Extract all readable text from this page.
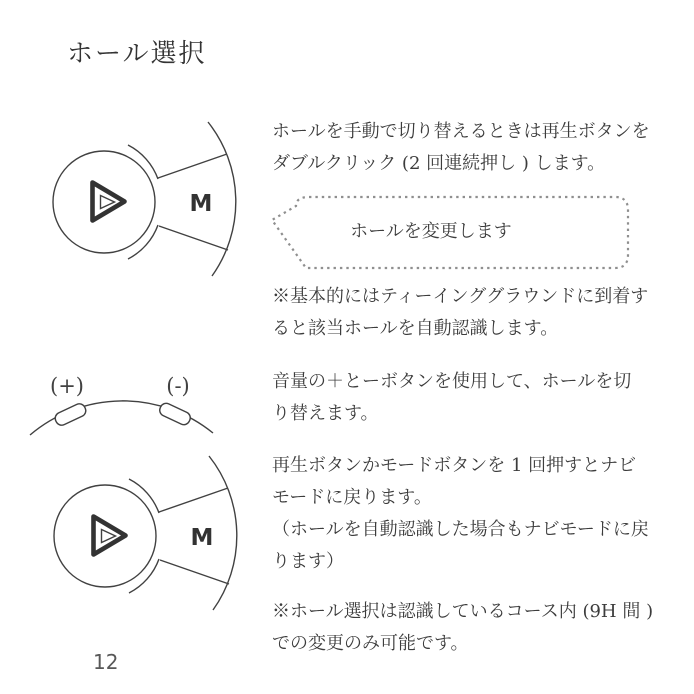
ホール選択
ホールを手動で切り替えるときは再生ボタンを
ダブルクリック (2 回連続押し ) します。
ホールを変更します
※基本的にはティーインググラウンドに到着す
ると該当ホールを自動認識します。
(+)	(-)	音量の＋とーボタンを使用して、ホールを切
り替えます。
再生ボタンかモードボタンを 1 回押すとナビ
モードに戻ります。
（ホールを自動認識した場合もナビモードに戻
ります）
※ホール選択は認識しているコース内 (9H 間 )
での変更のみ可能です。
12
